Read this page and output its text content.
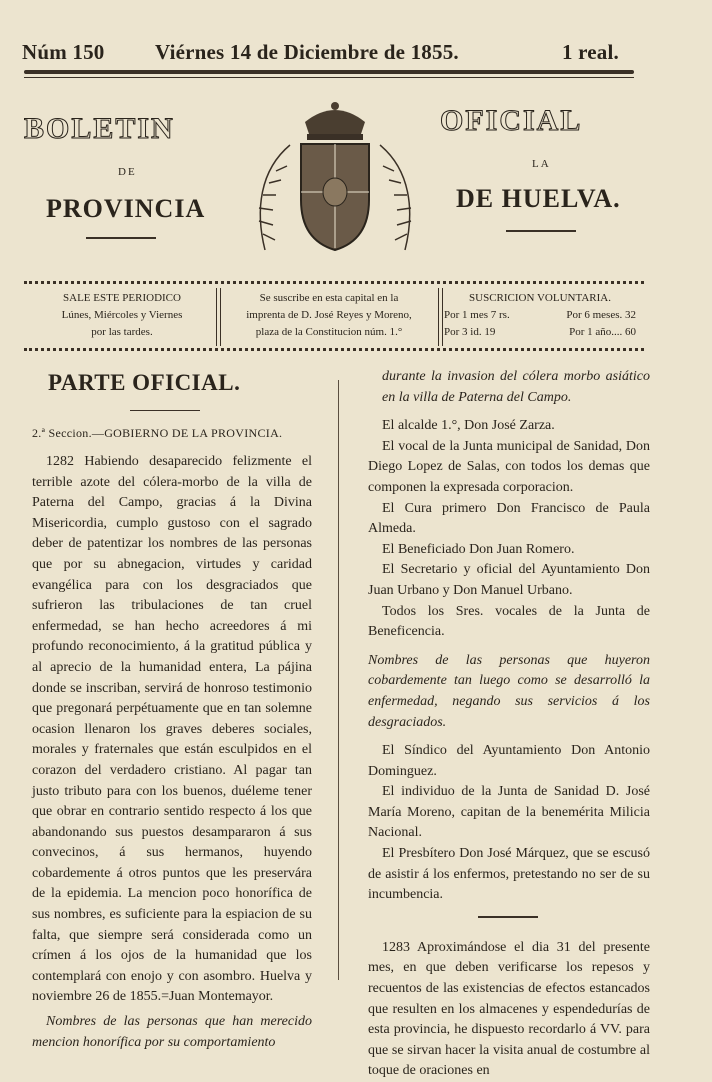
Núm 150 Viérnes 14 de Diciembre de 1855.	1 real.
BOLETIN	OFICIAL
DE
LA
PROVINCIA	DE HUELVA.
SALE ESTE PERIODICO
Lúnes, Miércoles y Viernes
por las tardes.
Se suscribe en esta capital en la
imprenta de D. José Reyes y Moreno,
plaza de la Constitucion núm. 1.°
SUSCRICION VOLUNTARIA.
Por 1 mes 7 rs.	Por 6 meses. 32
Por 3 id. 19	Por 1 año.... 60
PARTE OFICIAL.
2.ª Seccion.—GOBIERNO DE LA PROVINCIA.

1282 Habiendo desaparecido felizmente el terrible azote del cólera-morbo de la villa de Paterna del Campo, gracias á la Divina Misericordia, cumplo gustoso con el sagrado deber de patentizar los nombres de las personas que por su abnegacion, virtudes y caridad evangélica para con los desgraciados que sufrieron las tribulaciones de tan cruel enfermedad, se han hecho acreedores á mi profundo reconocimiento, á la gratitud pública y al aprecio de la humanidad entera, La pájina donde se inscriban, servirá de honroso testimonio que pregonará perpétuamente que en tan solemne ocasion llenaron los graves deberes sociales, morales y fraternales que están esculpidos en el corazon del verdadero cristiano. Al pagar tan justo tributo para con los buenos, duéleme tener que obrar en contrario sentido respecto á los que abandonando sus puestos desampararon á sus convecinos, á sus hermanos, huyendo cobardemente á otros puntos que les preservára de la epidemia. La mencion poco honorífica de sus nombres, es suficiente para la espiacion de su falta, que siempre será considerada como un crímen á los ojos de la humanidad que los contemplará con enojo y con asombro. Huelva y noviembre 26 de 1855.=Juan Montemayor.

Nombres de las personas que han merecido mencion honorífica por su comportamiento

durante la invasion del cólera morbo asiático en la villa de Paterna del Campo.

El alcalde 1.°, Don José Zarza.

El vocal de la Junta municipal de Sanidad, Don Diego Lopez de Salas, con todos los demas que componen la expresada corporacion.

El Cura primero Don Francisco de Paula Almeda.

El Beneficiado Don Juan Romero.

El Secretario y oficial del Ayuntamiento Don Juan Urbano y Don Manuel Urbano.

Todos los Sres. vocales de la Junta de Beneficencia.

Nombres de las personas que huyeron cobardemente tan luego como se desarrolló la enfermedad, negando sus servicios á los desgraciados.

El Síndico del Ayuntamiento Don Antonio Dominguez.

El individuo de la Junta de Sanidad D. José María Moreno, capitan de la benemérita Milicia Nacional.

El Presbítero Don José Márquez, que se escusó de asistir á los enfermos, pretestando no ser de su incumbencia.

1283 Aproximándose el dia 31 del presente mes, en que deben verificarse los repesos y recuentos de las existencias de efectos estancados que resulten en los almacenes y espendedurías de esta provincia, he dispuesto recordarlo á VV. para que se sirvan hacer la visita anual de costumbre al toque de oraciones en
